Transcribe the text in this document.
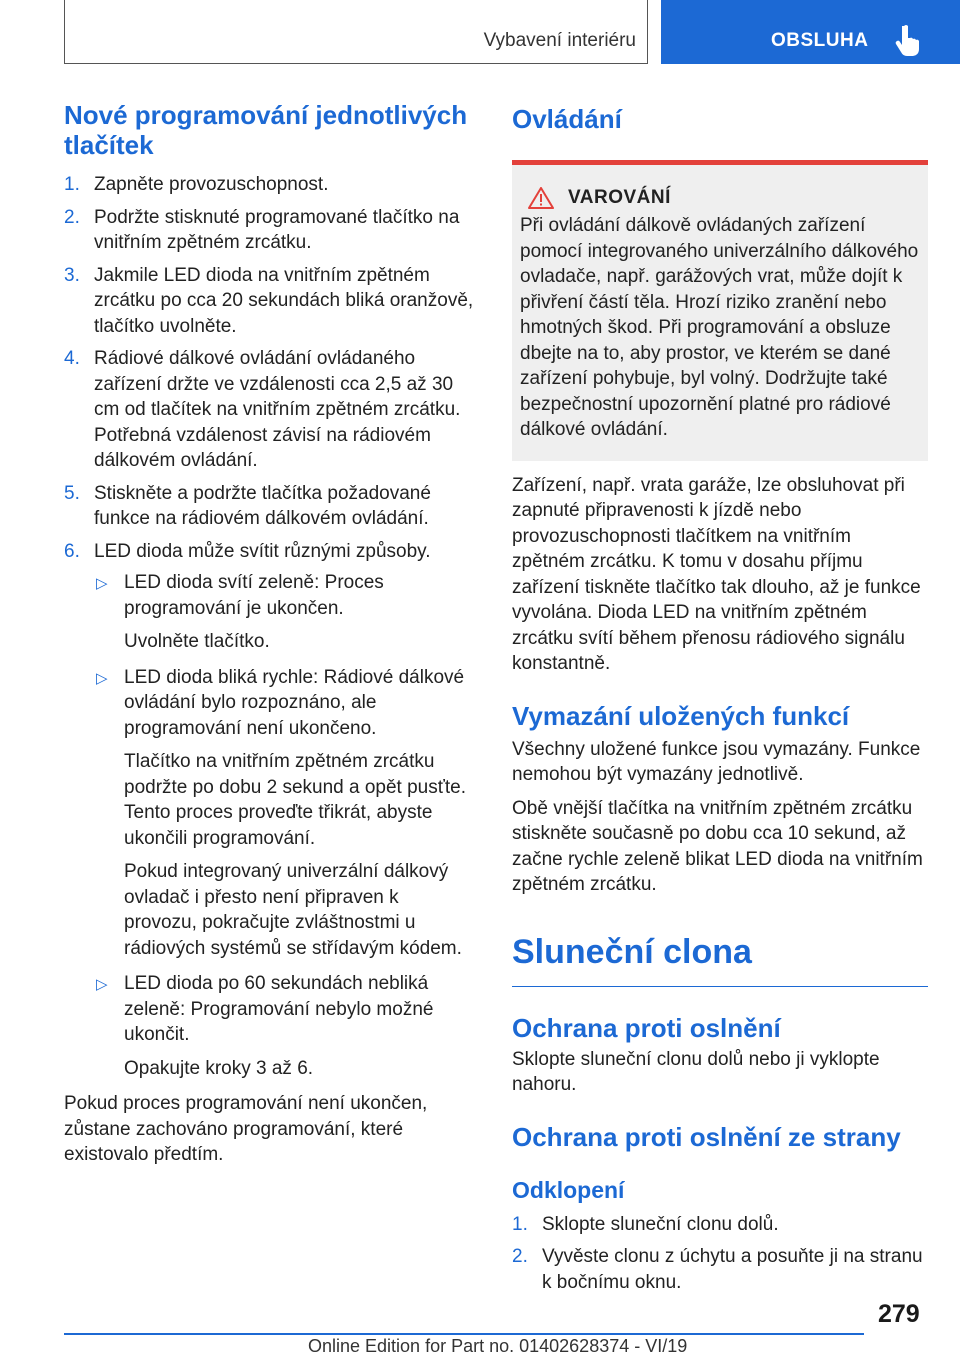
Vybavení interiéru	OBSLUHA
Nové programování jednotlivých tlačítek
1. Zapněte provozuschopnost.

2. Podržte stisknuté programované tlačítko na vnitřním zpětném zrcátku.

3. Jakmile LED dioda na vnitřním zpětném zrcátku po cca 20 sekundách bliká oranžově, tlačítko uvolněte.

4. Rádiové dálkové ovládání ovládaného zařízení držte ve vzdálenosti cca 2,5 až 30 cm od tlačítek na vnitřním zpětném zrcátku. Potřebná vzdálenost závisí na rádiovém dálkovém ovládání.

5. Stiskněte a podržte tlačítka požadované funkce na rádiovém dálkovém ovládání.

6. LED dioda může svítit různými způsoby.

▷ LED dioda svítí zeleně: Proces programování je ukončen.

Uvolněte tlačítko.

▷ LED dioda bliká rychle: Rádiové dálkové ovládání bylo rozpoznáno, ale programování není ukončeno.

Tlačítko na vnitřním zpětném zrcátku podržte po dobu 2 sekund a opět pusťte. Tento proces proveďte třikrát, abyste ukončili programování.

Pokud integrovaný univerzální dálkový ovladač i přesto není připraven k provozu, pokračujte zvláštnostmi u rádiových systémů se střídavým kódem.

▷ LED dioda po 60 sekundách nebliká zeleně: Programování nebylo možné ukončit.

Opakujte kroky 3 až 6.

Pokud proces programování není ukončen, zůstane zachováno programování, které existovalo předtím.

Ovládání
VAROVÁNÍ

Při ovládání dálkově ovládaných zařízení pomocí integrovaného univerzálního dálkového ovladače, např. garážových vrat, může dojít k přivření částí těla. Hrozí riziko zranění nebo hmotných škod. Při programování a obsluze dbejte na to, aby prostor, ve kterém se dané zařízení pohybuje, byl volný. Dodržujte také bezpečnostní upozornění platné pro rádiové dálkové ovládání.

Zařízení, např. vrata garáže, lze obsluhovat při zapnuté připravenosti k jízdě nebo provozuschopnosti tlačítkem na vnitřním zpětném zrcátku. K tomu v dosahu příjmu zařízení tiskněte tlačítko tak dlouho, až je funkce vyvolána. Dioda LED na vnitřním zpětném zrcátku svítí během přenosu rádiového signálu konstantně.

Vymazání uložených funkcí

Všechny uložené funkce jsou vymazány. Funkce nemohou být vymazány jednotlivě.

Obě vnější tlačítka na vnitřním zpětném zrcátku stiskněte současně po dobu cca 10 sekund, až začne rychle zeleně blikat LED dioda na vnitřním zpětném zrcátku.

Sluneční clona
Ochrana proti oslnění

Sklopte sluneční clonu dolů nebo ji vyklopte nahoru.

Ochrana proti oslnění ze strany
Odklopení
1. Sklopte sluneční clonu dolů.

2. Vyvěste clonu z úchytu a posuňte ji na stranu k bočnímu oknu.

279
Online Edition for Part no. 01402628374 - VI/19
